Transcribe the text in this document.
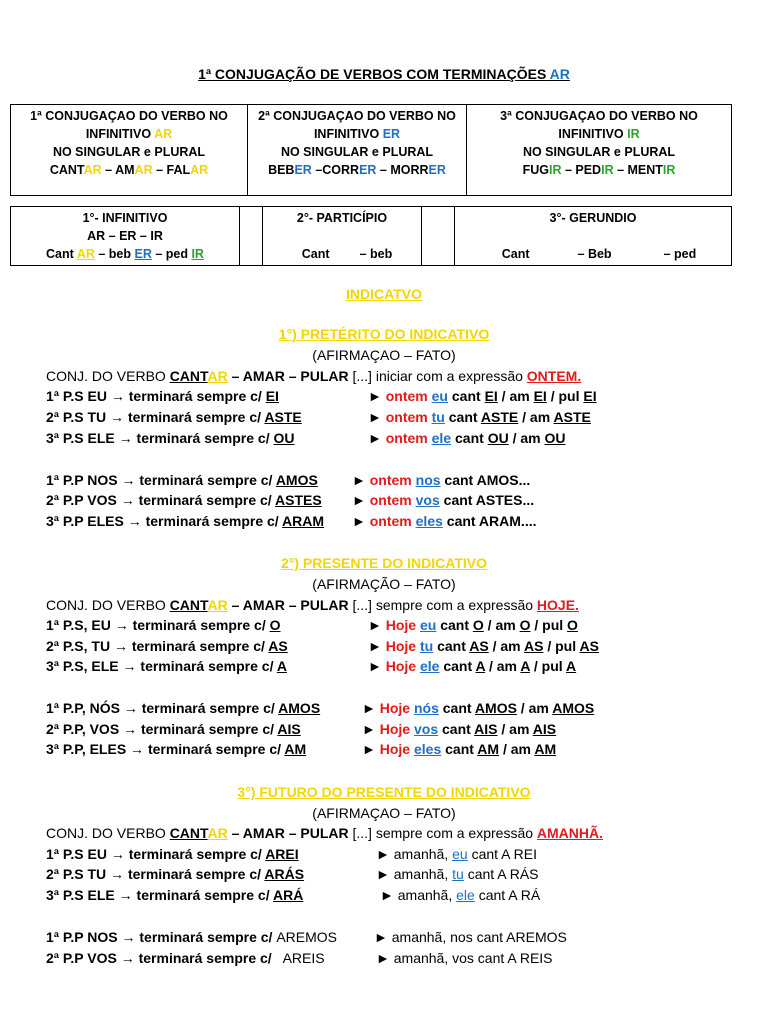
1ª CONJUGAÇÃO DE VERBOS COM TERMINAÇÕES AR
1ª CONJUGAÇAO DO VERBO NO
INFINITIVO AR
NO SINGULAR e PLURAL
CANTAR – AMAR – FALAR

2ª CONJUGAÇAO DO VERBO NO
INFINITIVO ER
NO SINGULAR e PLURAL
BEBER –CORRER – MORRER

3ª CONJUGAÇAO DO VERBO NO
INFINITIVO IR
NO SINGULAR e PLURAL
FUGIR – PEDIR – MENTIR
1°- INFINITIVO
AR – ER – IR
Cant AR – beb ER – ped IR

2°- PARTICÍPIO
Cant – beb

3°- GERUNDIO
Cant	– Beb	– ped
INDICATVO
1°) PRETÉRITO DO INDICATIVO
(AFIRMAÇAO – FATO)
CONJ. DO VERBO CANTAR – AMAR – PULAR [...] iniciar com a expressão ONTEM.
1ª P.S EU → terminará sempre c/ EI	► ontem eu cant EI / am EI / pul EI
2ª P.S TU → terminará sempre c/ ASTE	► ontem tu cant ASTE / am ASTE
3ª P.S ELE → terminará sempre c/ OU	► ontem ele cant OU / am OU
1ª P.P NOS → terminará sempre c/ AMOS ► ontem nos cant AMOS...
2ª P.P VOS → terminará sempre c/ ASTES ► ontem vos cant ASTES...
3ª P.P ELES → terminará sempre c/ ARAM ► ontem eles cant ARAM....
2°) PRESENTE DO INDICATIVO
(AFIRMAÇÃO – FATO)
CONJ. DO VERBO CANTAR – AMAR – PULAR [...] sempre com a expressão HOJE.
1ª P.S, EU → terminará sempre c/ O	► Hoje eu cant O / am O / pul O
2ª P.S, TU → terminará sempre c/ AS	► Hoje tu cant AS / am AS / pul AS
3ª P.S, ELE → terminará sempre c/ A	► Hoje ele cant A / am A / pul A
1ª P.P, NÓS → terminará sempre c/ AMOS	► Hoje nós cant AMOS / am AMOS
2ª P.P, VOS → terminará sempre c/ AIS	► Hoje vos cant AIS / am AIS
3ª P.P, ELES → terminará sempre c/ AM	► Hoje eles cant AM / am AM
3°) FUTURO DO PRESENTE DO INDICATIVO
(AFIRMAÇAO – FATO)
CONJ. DO VERBO CANTAR – AMAR – PULAR [...] sempre com a expressão AMANHÃ.
1ª P.S EU → terminará sempre c/ AREI	► amanhã, eu cant A REI
2ª P.S TU → terminará sempre c/ ARÁS	► amanhã, tu cant A RÁS
3ª P.S ELE → terminará sempre c/ ARÁ	► amanhã, ele cant A RÁ
1ª P.P NOS → terminará sempre c/ AREMOS	► amanhã, nos cant AREMOS
2ª P.P VOS → terminará sempre c/   AREIS	► amanhã, vos cant A REIS
